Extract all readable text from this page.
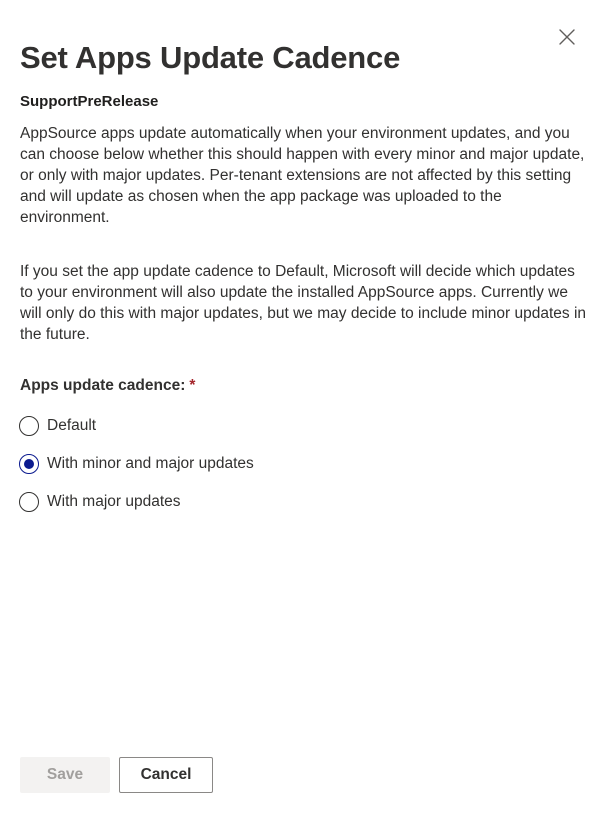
Set Apps Update Cadence
SupportPreRelease

AppSource apps update automatically when your environment updates, and you can choose below whether this should happen with every minor and major update, or only with major updates. Per-tenant extensions are not affected by this setting and will update as chosen when the app package was uploaded to the environment.

If you set the app update cadence to Default, Microsoft will decide which updates to your environment will also update the installed AppSource apps. Currently we will only do this with major updates, but we may decide to include minor updates in the future.

Apps update cadence: *
Default
With minor and major updates
With major updates
Save	Cancel
